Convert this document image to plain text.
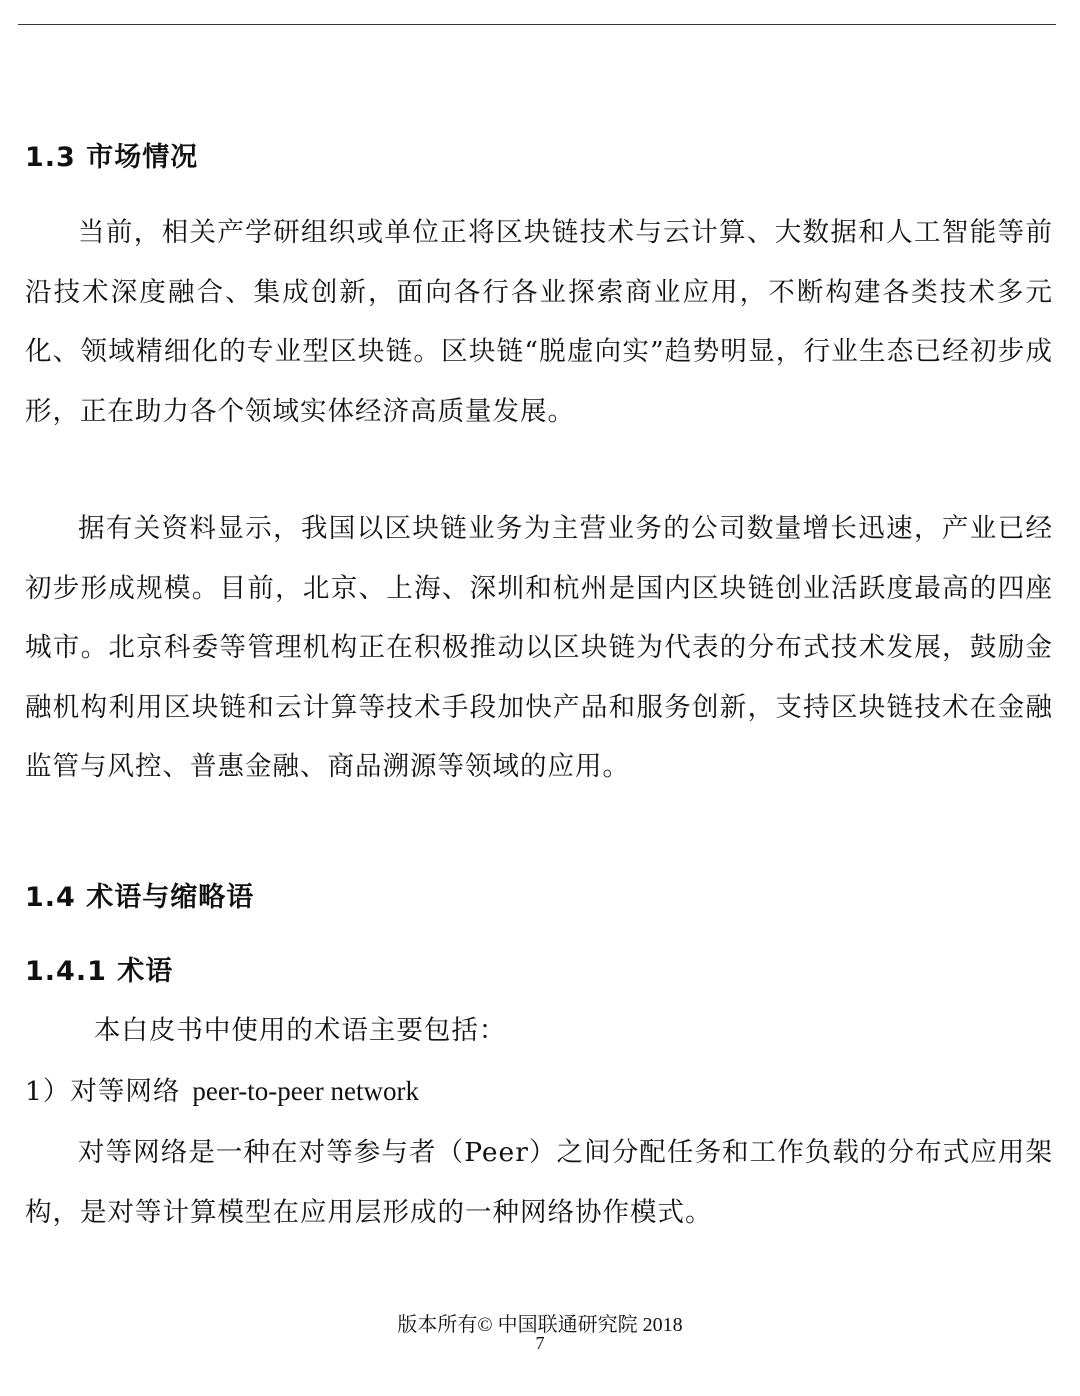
1.3 市场情况

当前，相关产学研组织或单位正将区块链技术与云计算、大数据和人工智能等前沿技术深度融合、集成创新，面向各行各业探索商业应用，不断构建各类技术多元化、领域精细化的专业型区块链。区块链“脱虚向实”趋势明显，行业生态已经初步成形，正在助力各个领域实体经济高质量发展。

据有关资料显示，我国以区块链业务为主营业务的公司数量增长迅速，产业已经初步形成规模。目前，北京、上海、深圳和杭州是国内区块链创业活跃度最高的四座城市。北京科委等管理机构正在积极推动以区块链为代表的分布式技术发展，鼓励金融机构利用区块链和云计算等技术手段加快产品和服务创新，支持区块链技术在金融监管与风控、普惠金融、商品溯源等领域的应用。

1.4 术语与缩略语
1.4.1 术语
本白皮书中使用的术语主要包括：
1）对等网络 peer-to-peer network

对等网络是一种在对等参与者（Peer）之间分配任务和工作负载的分布式应用架构，是对等计算模型在应用层形成的一种网络协作模式。

版本所有© 中国联通研究院 2018
7
